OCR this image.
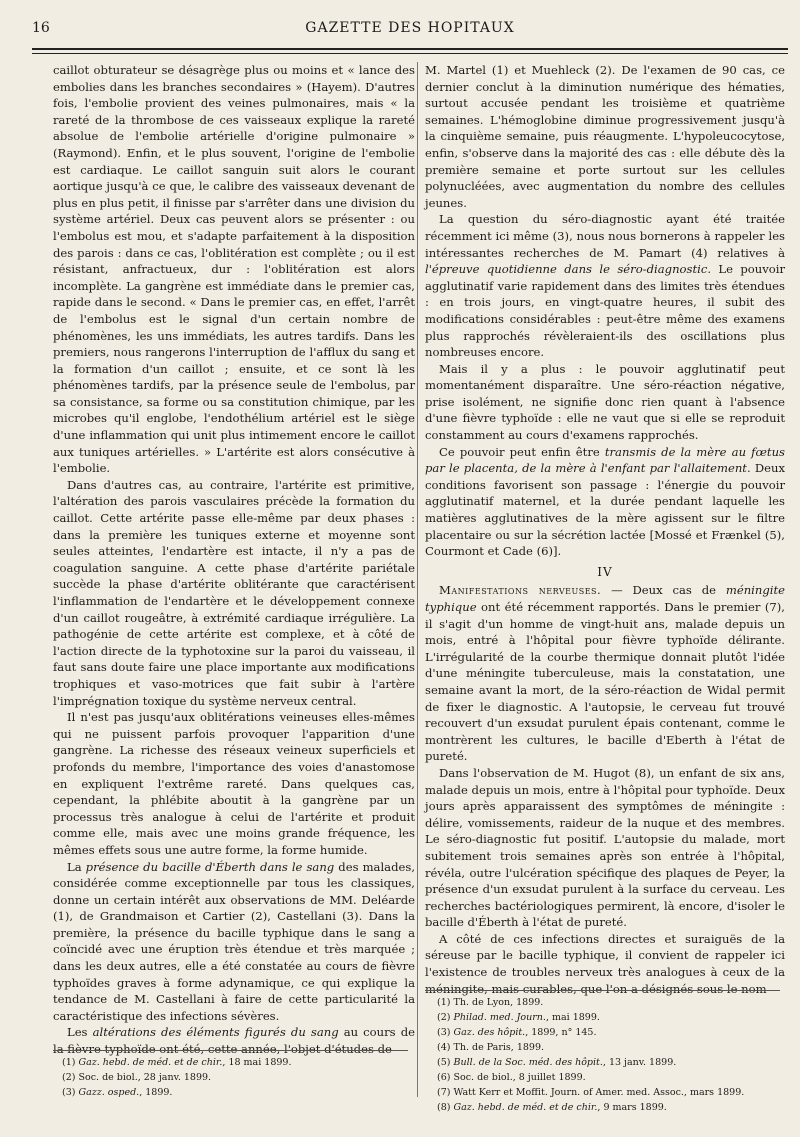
16	GAZETTE DES HOPITAUX

caillot obturateur se désagrège plus ou moins et « lance des embolies dans les branches secondaires » (Hayem). D'autres fois, l'embolie provient des veines pulmonaires, mais « la rareté de la thrombose de ces vaisseaux explique la rareté absolue de l'embolie artérielle d'origine pulmonaire » (Raymond). Enfin, et le plus souvent, l'origine de l'embolie est cardiaque. Le caillot sanguin suit alors le courant aortique jusqu'à ce que, le calibre des vaisseaux devenant de plus en plus petit, il finisse par s'arrêter dans une division du système artériel. Deux cas peuvent alors se présenter : ou l'embolus est mou, et s'adapte parfaitement à la disposition des parois : dans ce cas, l'oblitération est complète ; ou il est résistant, anfractueux, dur : l'oblitération est alors incomplète. La gangrène est immédiate dans le premier cas, rapide dans le second. « Dans le premier cas, en effet, l'arrêt de l'embolus est le signal d'un certain nombre de phénomènes, les uns immédiats, les autres tardifs. Dans les premiers, nous rangerons l'interruption de l'afflux du sang et la formation d'un caillot ; ensuite, et ce sont là les phénomènes tardifs, par la présence seule de l'embolus, par sa consistance, sa forme ou sa constitution chimique, par les microbes qu'il englobe, l'endothélium artériel est le siège d'une inflammation qui unit plus intimement encore le caillot aux tuniques artérielles. » L'artérite est alors consécutive à l'embolie.

Dans d'autres cas, au contraire, l'artérite est primitive, l'altération des parois vasculaires précède la formation du caillot. Cette artérite passe elle-même par deux phases : dans la première les tuniques externe et moyenne sont seules atteintes, l'endartère est intacte, il n'y a pas de coagulation sanguine. A cette phase d'artérite pariétale succède la phase d'artérite oblitérante que caractérisent l'inflammation de l'endartère et le développement connexe d'un caillot rougeâtre, à extrémité cardiaque irrégulière. La pathogénie de cette artérite est complexe, et à côté de l'action directe de la typhotoxine sur la paroi du vaisseau, il faut sans doute faire une place importante aux modifications trophiques et vaso-motrices que fait subir à l'artère l'imprégnation toxique du système nerveux central.

Il n'est pas jusqu'aux oblitérations veineuses elles-mêmes qui ne puissent parfois provoquer l'apparition d'une gangrène. La richesse des réseaux veineux superficiels et profonds du membre, l'importance des voies d'anastomose en expliquent l'extrême rareté. Dans quelques cas, cependant, la phlébite aboutit à la gangrène par un processus très analogue à celui de l'artérite et produit comme elle, mais avec une moins grande fréquence, les mêmes effets sous une autre forme, la forme humide.

La présence du bacille d'Éberth dans le sang des malades, considérée comme exceptionnelle par tous les classiques, donne un certain intérêt aux observations de MM. Deléarde (1), de Grandmaison et Cartier (2), Castellani (3). Dans la première, la présence du bacille typhique dans le sang a coïncidé avec une éruption très étendue et très marquée ; dans les deux autres, elle a été constatée au cours de fièvre typhoïdes graves à forme adynamique, ce qui explique la tendance de M. Castellani à faire de cette particularité la caractéristique des infections sévères.

Les altérations des éléments figurés du sang au cours de la fièvre typhoïde ont été, cette année, l'objet d'études de

(1) Gaz. hebd. de méd. et de chir., 18 mai 1899.
(2) Soc. de biol., 28 janv. 1899.
(3) Gazz. osped., 1899.

M. Martel (1) et Muehleck (2). De l'examen de 90 cas, ce dernier conclut à la diminution numérique des hématies, surtout accusée pendant les troisième et quatrième semaines. L'hémoglobine diminue progressivement jusqu'à la cinquième semaine, puis réaugmente. L'hypoleucocytose, enfin, s'observe dans la majorité des cas : elle débute dès la première semaine et porte surtout sur les cellules polynucléées, avec augmentation du nombre des cellules jeunes.

La question du séro-diagnostic ayant été traitée récemment ici même (3), nous nous bornerons à rappeler les intéressantes recherches de M. Pamart (4) relatives à l'épreuve quotidienne dans le séro-diagnostic. Le pouvoir agglutinatif varie rapidement dans des limites très étendues : en trois jours, en vingt-quatre heures, il subit des modifications considérables : peut-être même des examens plus rapprochés révèleraient-ils des oscillations plus nombreuses encore.

Mais il y a plus : le pouvoir agglutinatif peut momentanément disparaître. Une séro-réaction négative, prise isolément, ne signifie donc rien quant à l'absence d'une fièvre typhoïde : elle ne vaut que si elle se reproduit constamment au cours d'examens rapprochés.

Ce pouvoir peut enfin être transmis de la mère au fœtus par le placenta, de la mère à l'enfant par l'allaitement. Deux conditions favorisent son passage : l'énergie du pouvoir agglutinatif maternel, et la durée pendant laquelle les matières agglutinatives de la mère agissent sur le filtre placentaire ou sur la sécrétion lactée [Mossé et Frænkel (5), Courmont et Cade (6)].

IV

Manifestations nerveuses. — Deux cas de méningite typhique ont été récemment rapportés. Dans le premier (7), il s'agit d'un homme de vingt-huit ans, malade depuis un mois, entré à l'hôpital pour fièvre typhoïde délirante. L'irrégularité de la courbe thermique donnait plutôt l'idée d'une méningite tuberculeuse, mais la constatation, une semaine avant la mort, de la séro-réaction de Widal permit de fixer le diagnostic. A l'autopsie, le cerveau fut trouvé recouvert d'un exsudat purulent épais contenant, comme le montrèrent les cultures, le bacille d'Eberth à l'état de pureté.

Dans l'observation de M. Hugot (8), un enfant de six ans, malade depuis un mois, entre à l'hôpital pour typhoïde. Deux jours après apparaissent des symptômes de méningite : délire, vomissements, raideur de la nuque et des membres. Le séro-diagnostic fut positif. L'autopsie du malade, mort subitement trois semaines après son entrée à l'hôpital, révéla, outre l'ulcération spécifique des plaques de Peyer, la présence d'un exsudat purulent à la surface du cerveau. Les recherches bactériologiques permirent, là encore, d'isoler le bacille d'Éberth à l'état de pureté.

A côté de ces infections directes et suraiguës de la séreuse par le bacille typhique, il convient de rappeler ici l'existence de troubles nerveux très analogues à ceux de la méningite, mais curables, que l'on a désignés sous le nom

(1) Th. de Lyon, 1899.
(2) Philad. med. Journ., mai 1899.
(3) Gaz. des hôpit., 1899, n° 145.
(4) Th. de Paris, 1899.
(5) Bull. de la Soc. méd. des hôpit., 13 janv. 1899.
(6) Soc. de biol., 8 juillet 1899.
(7) Watt Kerr et Moffit. Journ. of Amer. med. Assoc., mars 1899.
(8) Gaz. hebd. de méd. et de chir., 9 mars 1899.
